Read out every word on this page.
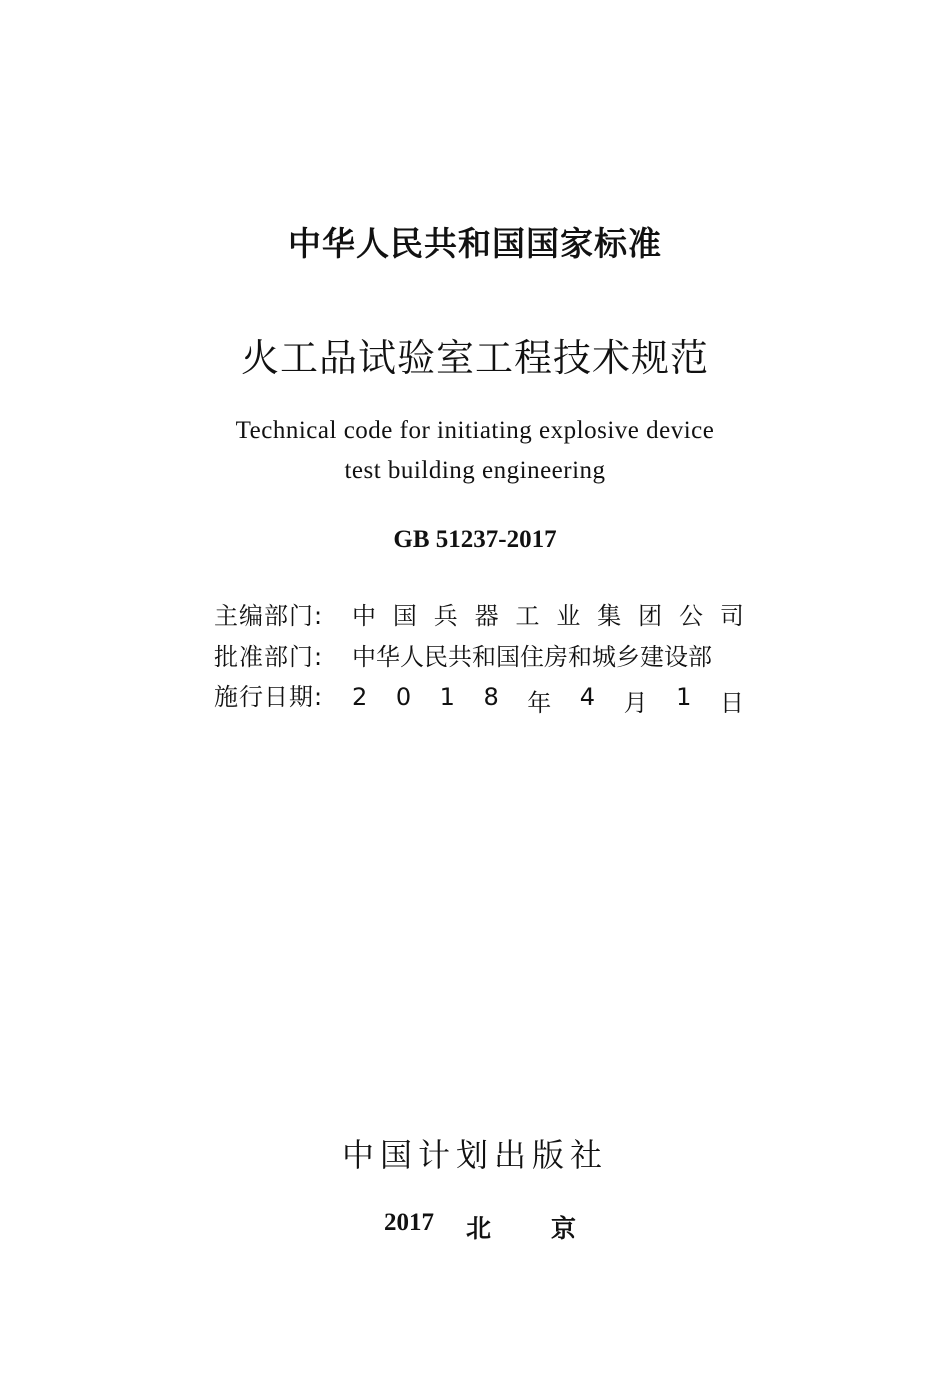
中华人民共和国国家标准
火工品试验室工程技术规范
Technical code for initiating explosive device
test building engineering
GB 51237-2017
主编部门:	中 国 兵 器 工 业 集 团 公 司
批准部门:	中华人民共和国住房和城乡建设部
施行日期:	2 0 1 8 年 4 月 1 日
中国计划出版社
2017 北 京
